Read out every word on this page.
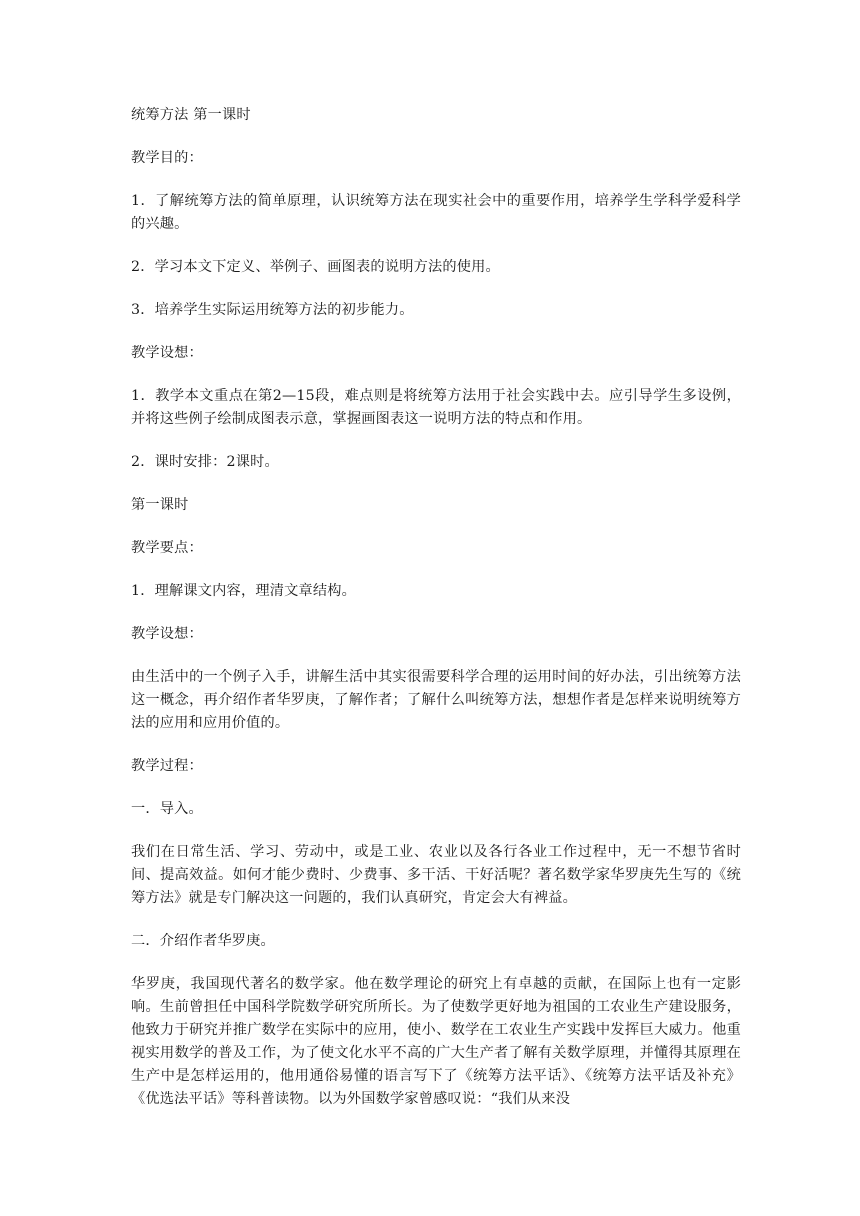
统筹方法 第一课时

教学目的：

1．了解统筹方法的简单原理，认识统筹方法在现实社会中的重要作用，培养学生学科学爱科学的兴趣。

2．学习本文下定义、举例子、画图表的说明方法的使用。

3．培养学生实际运用统筹方法的初步能力。

教学设想：

1．教学本文重点在第2—15段，难点则是将统筹方法用于社会实践中去。应引导学生多设例，并将这些例子绘制成图表示意，掌握画图表这一说明方法的特点和作用。

2．课时安排：2课时。

第一课时

教学要点：

1．理解课文内容，理清文章结构。

教学设想：

由生活中的一个例子入手，讲解生活中其实很需要科学合理的运用时间的好办法，引出统筹方法这一概念，再介绍作者华罗庚，了解作者；了解什么叫统筹方法，想想作者是怎样来说明统筹方法的应用和应用价值的。

教学过程：

一．导入。

我们在日常生活、学习、劳动中，或是工业、农业以及各行各业工作过程中，无一不想节省时间、提高效益。如何才能少费时、少费事、多干活、干好活呢？著名数学家华罗庚先生写的《统筹方法》就是专门解决这一问题的，我们认真研究，肯定会大有裨益。

二．介绍作者华罗庚。

华罗庚，我国现代著名的数学家。他在数学理论的研究上有卓越的贡献，在国际上也有一定影响。生前曾担任中国科学院数学研究所所长。为了使数学更好地为祖国的工农业生产建设服务，他致力于研究并推广数学在实际中的应用，使小、数学在工农业生产实践中发挥巨大威力。他重视实用数学的普及工作，为了使文化水平不高的广大生产者了解有关数学原理，并懂得其原理在生产中是怎样运用的，他用通俗易懂的语言写下了《统筹方法平话》、《统筹方法平话及补充》《优选法平话》等科普读物。以为外国数学家曾感叹说：“我们从来没
